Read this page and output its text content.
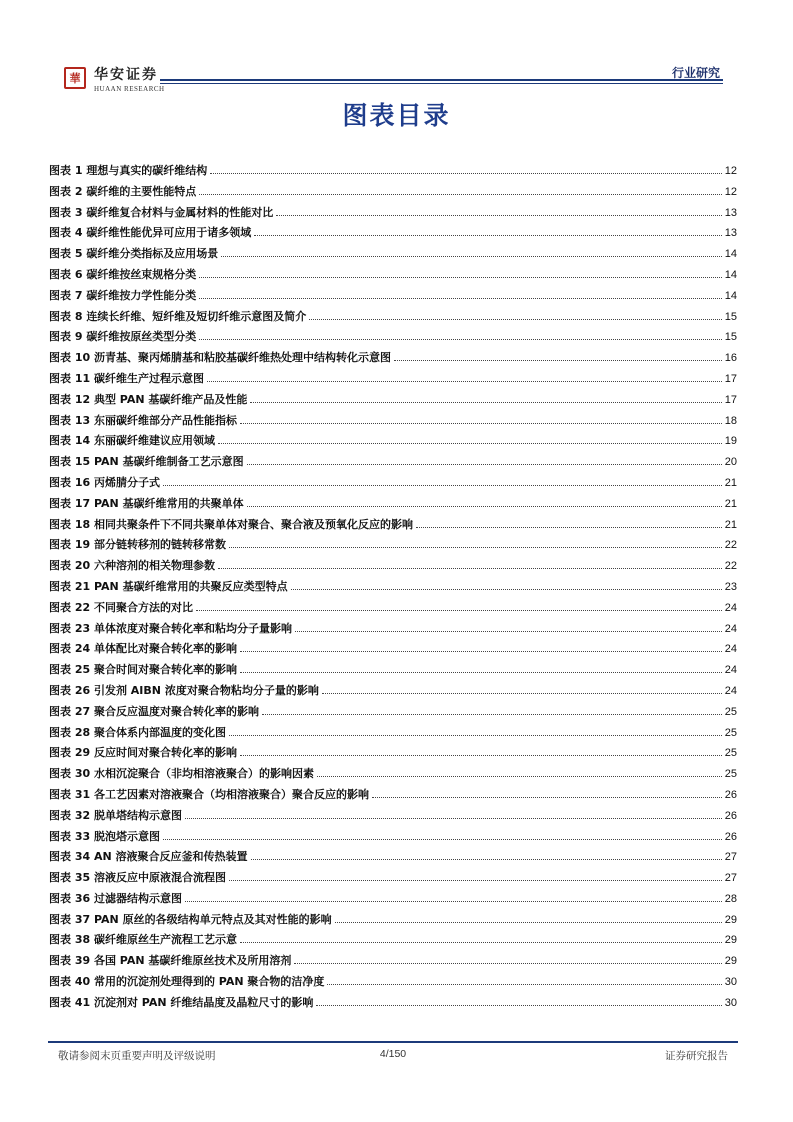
華 华安证券
HUAAN RESEARCH
行业研究
图表目录
图表 1 理想与真实的碳纤维结构	12
图表 2 碳纤维的主要性能特点	12
图表 3 碳纤维复合材料与金属材料的性能对比	13
图表 4 碳纤维性能优异可应用于诸多领域	13
图表 5 碳纤维分类指标及应用场景	14
图表 6 碳纤维按丝束规格分类	14
图表 7 碳纤维按力学性能分类	14
图表 8 连续长纤维、短纤维及短切纤维示意图及简介	15
图表 9 碳纤维按原丝类型分类	15
图表 10 沥青基、聚丙烯腈基和粘胶基碳纤维热处理中结构转化示意图	16
图表 11 碳纤维生产过程示意图	17
图表 12 典型 PAN 基碳纤维产品及性能	17
图表 13 东丽碳纤维部分产品性能指标	18
图表 14 东丽碳纤维建议应用领域	19
图表 15 PAN 基碳纤维制备工艺示意图	20
图表 16 丙烯腈分子式	21
图表 17 PAN 基碳纤维常用的共聚单体	21
图表 18 相同共聚条件下不同共聚单体对聚合、聚合液及预氧化反应的影响	21
图表 19 部分链转移剂的链转移常数	22
图表 20 六种溶剂的相关物理参数	22
图表 21 PAN 基碳纤维常用的共聚反应类型特点	23
图表 22 不同聚合方法的对比	24
图表 23 单体浓度对聚合转化率和粘均分子量影响	24
图表 24 单体配比对聚合转化率的影响	24
图表 25 聚合时间对聚合转化率的影响	24
图表 26 引发剂 AIBN 浓度对聚合物粘均分子量的影响	24
图表 27 聚合反应温度对聚合转化率的影响	25
图表 28 聚合体系内部温度的变化图	25
图表 29 反应时间对聚合转化率的影响	25
图表 30 水相沉淀聚合（非均相溶液聚合）的影响因素	25
图表 31 各工艺因素对溶液聚合（均相溶液聚合）聚合反应的影响	26
图表 32 脱单塔结构示意图	26
图表 33 脱泡塔示意图	26
图表 34 AN 溶液聚合反应釜和传热装置	27
图表 35 溶液反应中原液混合流程图	27
图表 36 过滤器结构示意图	28
图表 37 PAN 原丝的各级结构单元特点及其对性能的影响	29
图表 38 碳纤维原丝生产流程工艺示意	29
图表 39 各国 PAN 基碳纤维原丝技术及所用溶剂	29
图表 40 常用的沉淀剂处理得到的 PAN 聚合物的洁净度	30
图表 41 沉淀剂对 PAN 纤维结晶度及晶粒尺寸的影响	30
敬请参阅末页重要声明及评级说明	4/150	证券研究报告
